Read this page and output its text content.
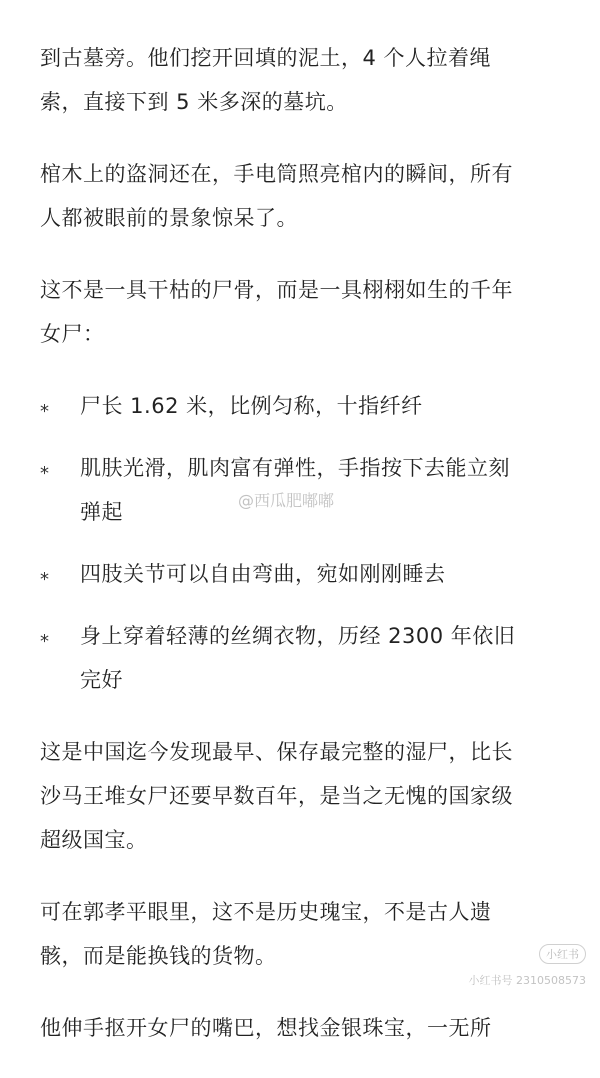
到古墓旁。他们挖开回填的泥土，4 个人拉着绳
索，直接下到 5 米多深的墓坑。

棺木上的盗洞还在，手电筒照亮棺内的瞬间，所有
人都被眼前的景象惊呆了。

这不是一具干枯的尸骨，而是一具栩栩如生的千年
女尸：

* 尸长 1.62 米，比例匀称，十指纤纤
* 肌肤光滑，肌肉富有弹性，手指按下去能立刻
弹起
* 四肢关节可以自由弯曲，宛如刚刚睡去
* 身上穿着轻薄的丝绸衣物，历经 2300 年依旧
完好

这是中国迄今发现最早、保存最完整的湿尸，比长
沙马王堆女尸还要早数百年，是当之无愧的国家级
超级国宝。

可在郭孝平眼里，这不是历史瑰宝，不是古人遗
骸，而是能换钱的货物。

他伸手抠开女尸的嘴巴，想找金银珠宝，一无所

@西瓜肥嘟嘟
小红书
小红书号 2310508573
